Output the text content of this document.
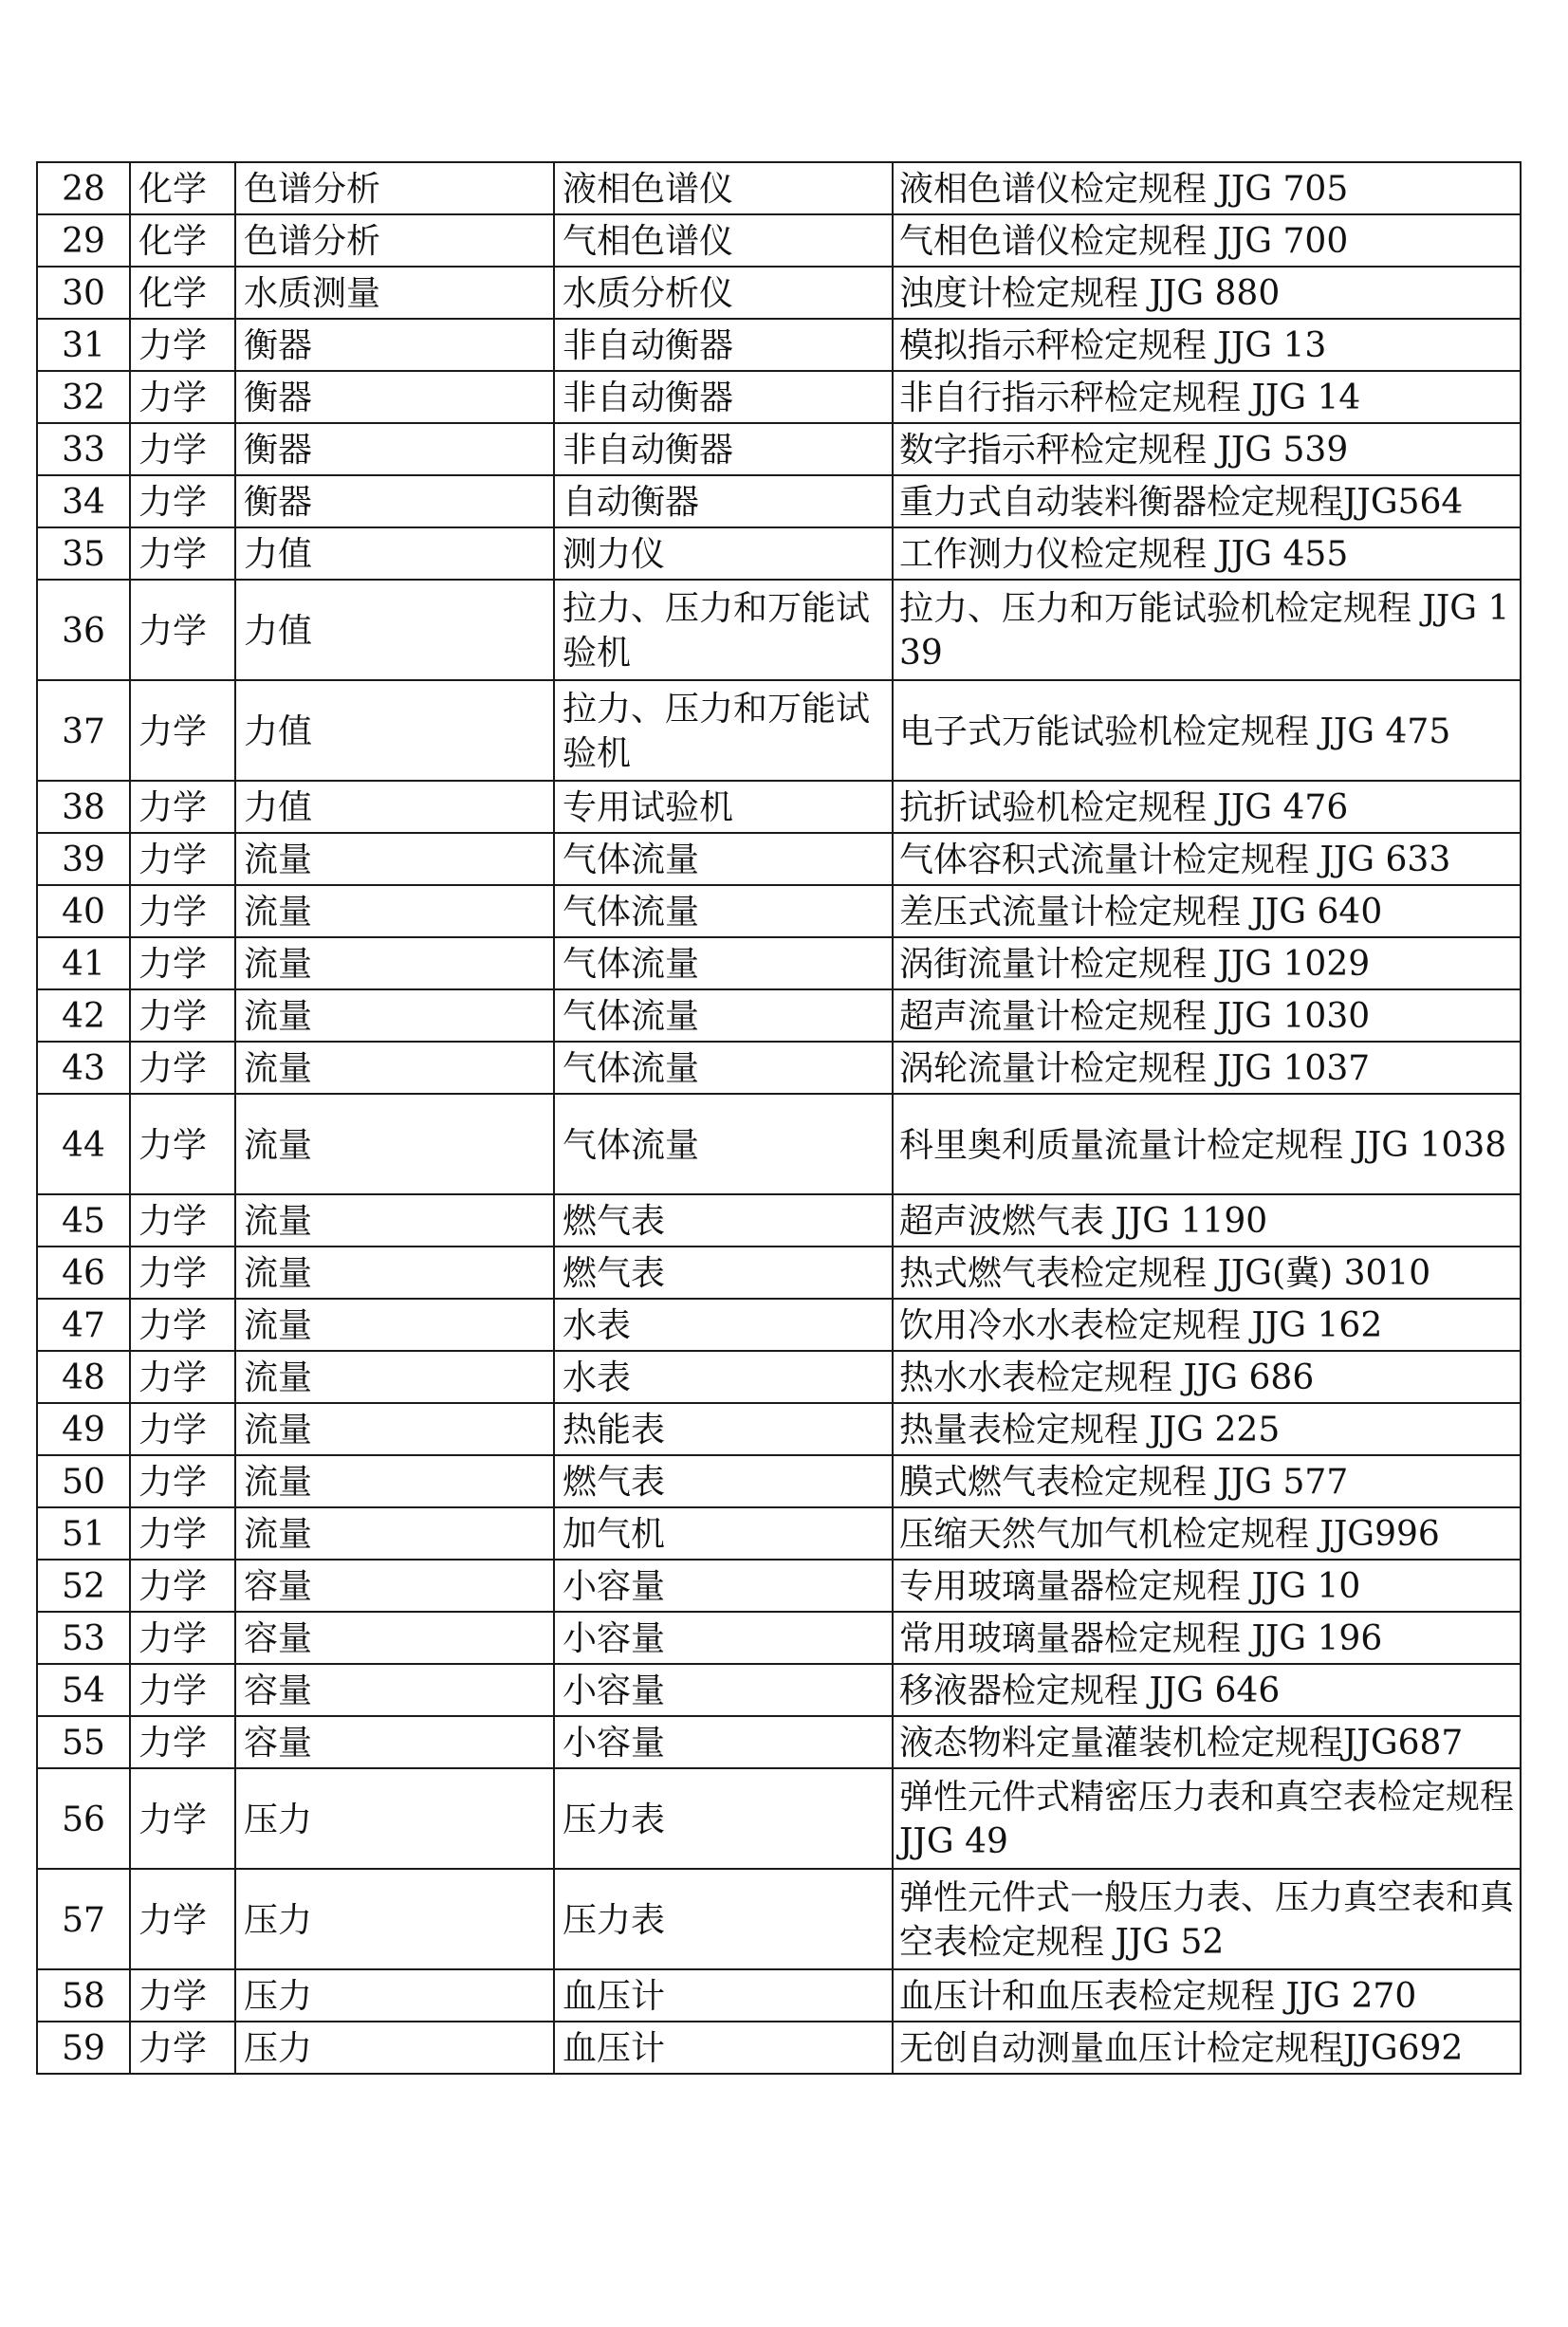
28	化学	色谱分析	液相色谱仪	液相色谱仪检定规程 JJG 705
29	化学	色谱分析	气相色谱仪	气相色谱仪检定规程 JJG 700
30	化学	水质测量	水质分析仪	浊度计检定规程 JJG 880
31	力学	衡器	非自动衡器	模拟指示秤检定规程 JJG 13
32	力学	衡器	非自动衡器	非自行指示秤检定规程 JJG 14
33	力学	衡器	非自动衡器	数字指示秤检定规程 JJG 539
34	力学	衡器	自动衡器	重力式自动装料衡器检定规程JJG564
35	力学	力值	测力仪	工作测力仪检定规程 JJG 455
36	力学	力值	拉力、压力和万能试验机	拉力、压力和万能试验机检定规程 JJG 139
37	力学	力值	拉力、压力和万能试验机	电子式万能试验机检定规程 JJG 475
38	力学	力值	专用试验机	抗折试验机检定规程 JJG 476
39	力学	流量	气体流量	气体容积式流量计检定规程 JJG 633
40	力学	流量	气体流量	差压式流量计检定规程 JJG 640
41	力学	流量	气体流量	涡街流量计检定规程 JJG 1029
42	力学	流量	气体流量	超声流量计检定规程 JJG 1030
43	力学	流量	气体流量	涡轮流量计检定规程 JJG 1037
44	力学	流量	气体流量	科里奥利质量流量计检定规程 JJG 1038
45	力学	流量	燃气表	超声波燃气表 JJG 1190
46	力学	流量	燃气表	热式燃气表检定规程 JJG(冀) 3010
47	力学	流量	水表	饮用冷水水表检定规程 JJG 162
48	力学	流量	水表	热水水表检定规程 JJG 686
49	力学	流量	热能表	热量表检定规程 JJG 225
50	力学	流量	燃气表	膜式燃气表检定规程 JJG 577
51	力学	流量	加气机	压缩天然气加气机检定规程 JJG996
52	力学	容量	小容量	专用玻璃量器检定规程 JJG 10
53	力学	容量	小容量	常用玻璃量器检定规程 JJG 196
54	力学	容量	小容量	移液器检定规程 JJG 646
55	力学	容量	小容量	液态物料定量灌装机检定规程JJG687
56	力学	压力	压力表	弹性元件式精密压力表和真空表检定规程 JJG 49
57	力学	压力	压力表	弹性元件式一般压力表、压力真空表和真空表检定规程 JJG 52
58	力学	压力	血压计	血压计和血压表检定规程 JJG 270
59	力学	压力	血压计	无创自动测量血压计检定规程JJG692
